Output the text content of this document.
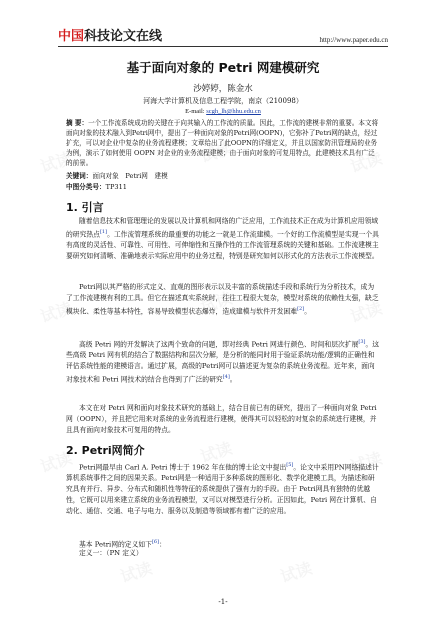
中国科技论文在线	http://www.paper.edu.cn
基于面向对象的 Petri 网建模研究
沙婷婷，陈金水
河海大学计算机及信息工程学院，南京（210098）
E-mail: scgh_lh@hhu.edu.cn
摘 要：一个工作流系统成功的关键在于向其输入的工作流的质量。因此，工作流的建模非常的重要。本文将面向对象的技术融入到Petri网中，提出了一种面向对象的Petri网(OOPN)，它弥补了Petri网的缺点，经过扩充，可以对企业中复杂的业务流程建模；文章给出了此OOPN的详细定义，并且以国家防汛管理局的业务为例，演示了如何使用 OOPN 对企业的业务流程建模；由于面向对象的可复用特点，此建模技术具有广泛的前景。
关键词：面向对象　Petri网　建模
中图分类号：TP311
1. 引言
随着信息技术和管理理论的发展以及计算机和网络的广泛应用，工作流技术正在成为计算机应用领域的研究热点[1]。工作流管理系统的最重要的功能之一就是工作流建模。一个好的工作流模型是实现一个具有高度的灵活性、可靠性、可用性、可伸缩性和互操作性的工作流管理系统的关键和基础。工作流建模主要研究如何清晰、准确地表示实际应用中的业务过程，特别是研究如何以形式化的方法表示工作流模型。
Petri网以其严格的形式定义、直观的图形表示以及丰富的系统描述手段和系统行为分析技术，成为了工作流建模有利的工具。但它在描述真实系统时，往往工程很大复杂，模型对系统的依赖性太强，缺乏模块化、柔性等基本特性，容易导致模型状态爆炸，造成建模与软件开发困难[2]。
高级 Petri 网的开发解决了这两个致命的问题，即对经典 Petri 网进行颜色、时间和层次扩展[3]。这些高级 Petri 网有机的结合了数据结构和层次分解，是分析的能同时用于验证系统功能/逻辑的正确性和评估系统性能的建模语言。通过扩展，高级的Petri网可以描述更为复杂的系统业务流程。近年来，面向对象技术和 Petri 网技术的结合也得到了广泛的研究[4]。
本文在对 Petri 网和面向对象技术研究的基础上，结合目前已有的研究，提出了一种面向对象 Petri 网（OOPN），并且把它用来对系统的业务流程进行建模，使得其可以轻松的对复杂的系统进行建模，并且具有面向对象技术可复用的特点。
2. Petri网简介
Petri网最早由 Carl A. Petri 博士于 1962 年在他的博士论文中提出[5]。论文中采用PN网络描述计算机系统事件之间的因果关系。Petri网是一种适用于多种系统的图形化、数学化建模工具，为描述和研究具有并行、异步、分布式和随机性等特征的系统提供了强有力的手段。由于 Petri网具有独特的优越性，它既可以用来建立系统的业务流程模型，又可以对模型进行分析。正因如此，Petri 网在计算机、自动化、通信、交通、电子与电力、服务以及制造等领域都有着广泛的应用。
基本 Petri网的定义如下[6]：
定义一：（PN 定义）
-1-
